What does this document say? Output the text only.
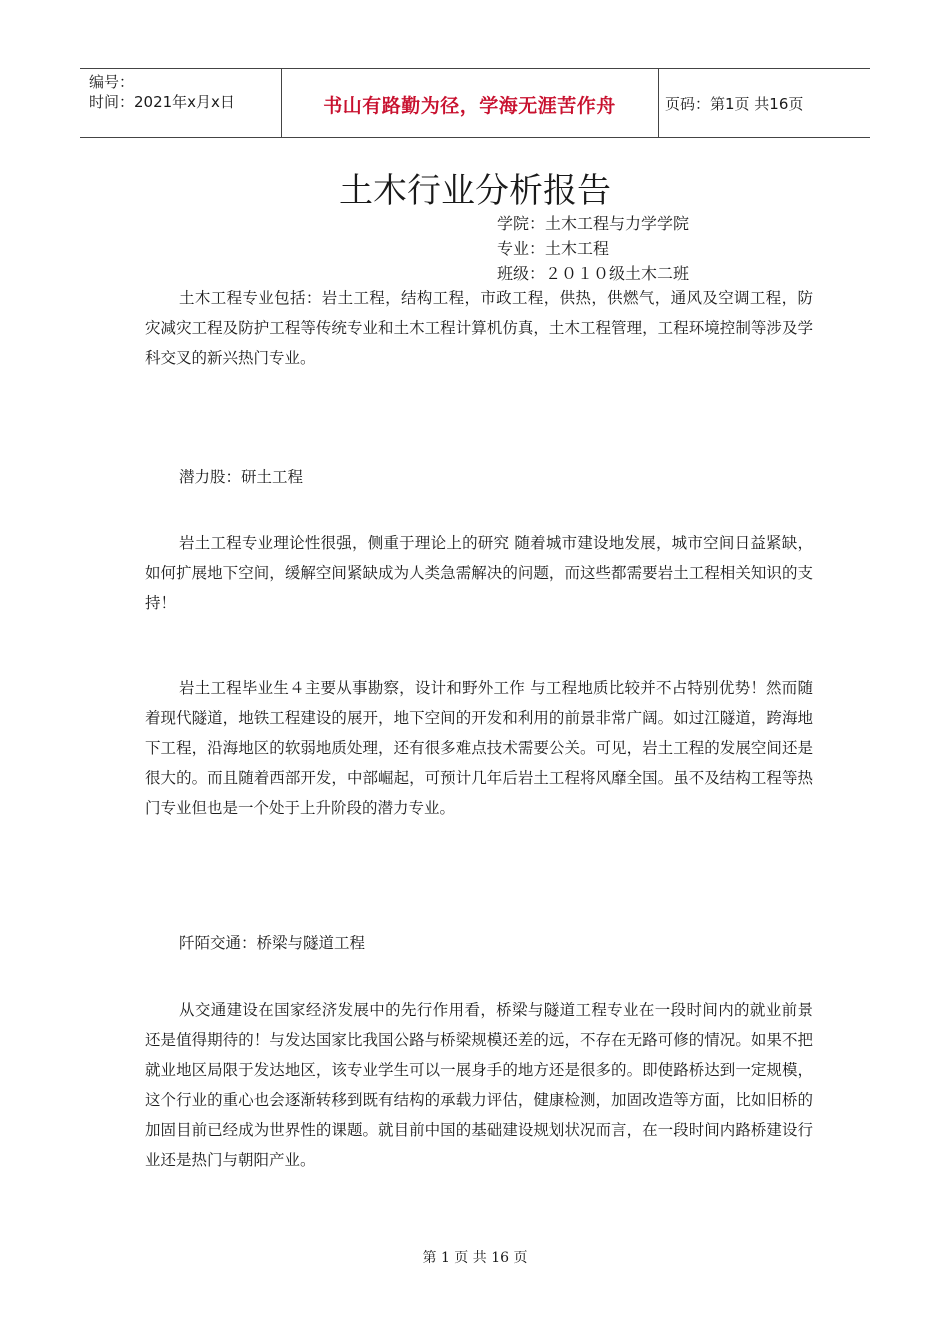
编号：
时间：2021年x月x日	书山有路勤为径，学海无涯苦作舟	页码：第1页 共16页
土木行业分析报告
学院：土木工程与力学学院
专业：土木工程
班级：２０１０级土木二班

土木工程专业包括：岩土工程，结构工程，市政工程，供热，供燃气，通风及空调工程，防灾减灾工程及防护工程等传统专业和土木工程计算机仿真，土木工程管理，工程环境控制等涉及学科交叉的新兴热门专业。

潜力股：研土工程

岩土工程专业理论性很强，侧重于理论上的研究 随着城市建设地发展，城市空间日益紧缺，如何扩展地下空间，缓解空间紧缺成为人类急需解决的问题，而这些都需要岩土工程相关知识的支持！

岩土工程毕业生４主要从事勘察，设计和野外工作 与工程地质比较并不占特别优势！然而随着现代隧道，地铁工程建设的展开，地下空间的开发和利用的前景非常广阔。如过江隧道，跨海地下工程，沿海地区的软弱地质处理，还有很多难点技术需要公关。可见，岩土工程的发展空间还是很大的。而且随着西部开发，中部崛起，可预计几年后岩土工程将风靡全国。虽不及结构工程等热门专业但也是一个处于上升阶段的潜力专业。

阡陌交通：桥梁与隧道工程

从交通建设在国家经济发展中的先行作用看，桥梁与隧道工程专业在一段时间内的就业前景还是值得期待的！与发达国家比我国公路与桥梁规模还差的远，不存在无路可修的情况。如果不把就业地区局限于发达地区，该专业学生可以一展身手的地方还是很多的。即使路桥达到一定规模，这个行业的重心也会逐渐转移到既有结构的承载力评估，健康检测，加固改造等方面，比如旧桥的加固目前已经成为世界性的课题。就目前中国的基础建设规划状况而言，在一段时间内路桥建设行业还是热门与朝阳产业。

第 1 页 共 16 页
